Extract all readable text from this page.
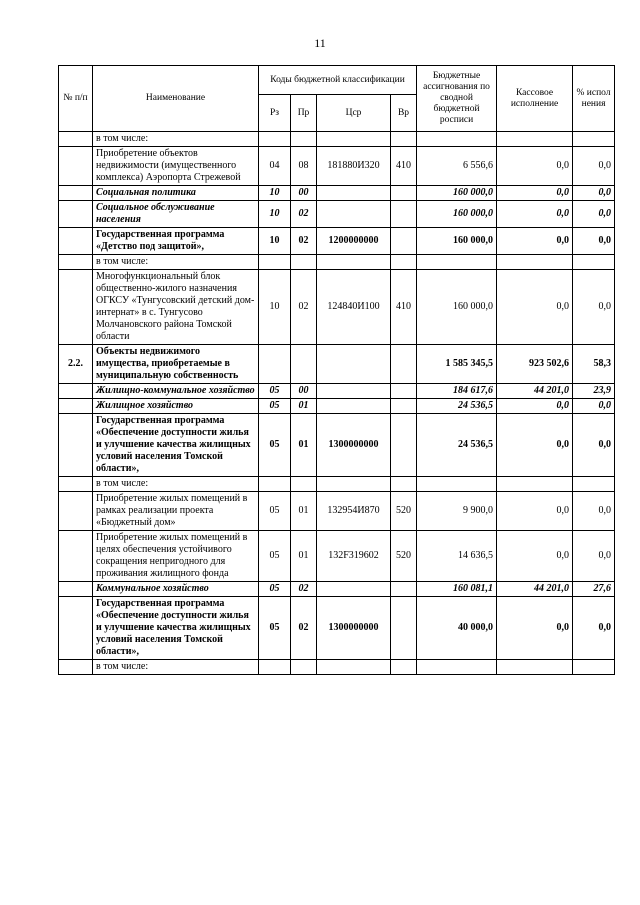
11
№ п/п	Наименование	Коды бюджетной классификации				Бюджетные ассигнования по сводной бюджетной росписи	Кассовое исполнение	% испол нения
		Рз	Пр	Цср	Вр			
	в том числе:							
	Приобретение объектов недвижимости (имущественного комплекса) Аэропорта Стрежевой	04	08	181880И320	410	6 556,6	0,0	0,0
	Социальная политика	10	00			160 000,0	0,0	0,0
	Социальное обслуживание населения	10	02			160 000,0	0,0	0,0
	Государственная программа «Детство под защитой»,	10	02	1200000000		160 000,0	0,0	0,0
	в том числе:							
	Многофункциональный блок общественно-жилого назначения ОГКСУ «Тунгусовский детский дом-интернат» в с. Тунгусово Молчановского района Томской области	10	02	124840И100	410	160 000,0	0,0	0,0
2.2.	Объекты недвижимого имущества, приобретаемые в муниципальную собственность					1 585 345,5	923 502,6	58,3
	Жилищно-коммунальное хозяйство	05	00			184 617,6	44 201,0	23,9
	Жилищное хозяйство	05	01			24 536,5	0,0	0,0
	Государственная программа «Обеспечение доступности жилья и улучшение качества жилищных условий населения Томской области»,	05	01	1300000000		24 536,5	0,0	0,0
	в том числе:							
	Приобретение жилых помещений в рамках реализации проекта «Бюджетный дом»	05	01	132954И870	520	9 900,0	0,0	0,0
	Приобретение жилых помещений в целях обеспечения устойчивого сокращения непригодного для проживания жилищного фонда	05	01	132F319602	520	14 636,5	0,0	0,0
	Коммунальное хозяйство	05	02			160 081,1	44 201,0	27,6
	Государственная программа «Обеспечение доступности жилья и улучшение качества жилищных условий населения Томской области»,	05	02	1300000000		40 000,0	0,0	0,0
	в том числе:							
